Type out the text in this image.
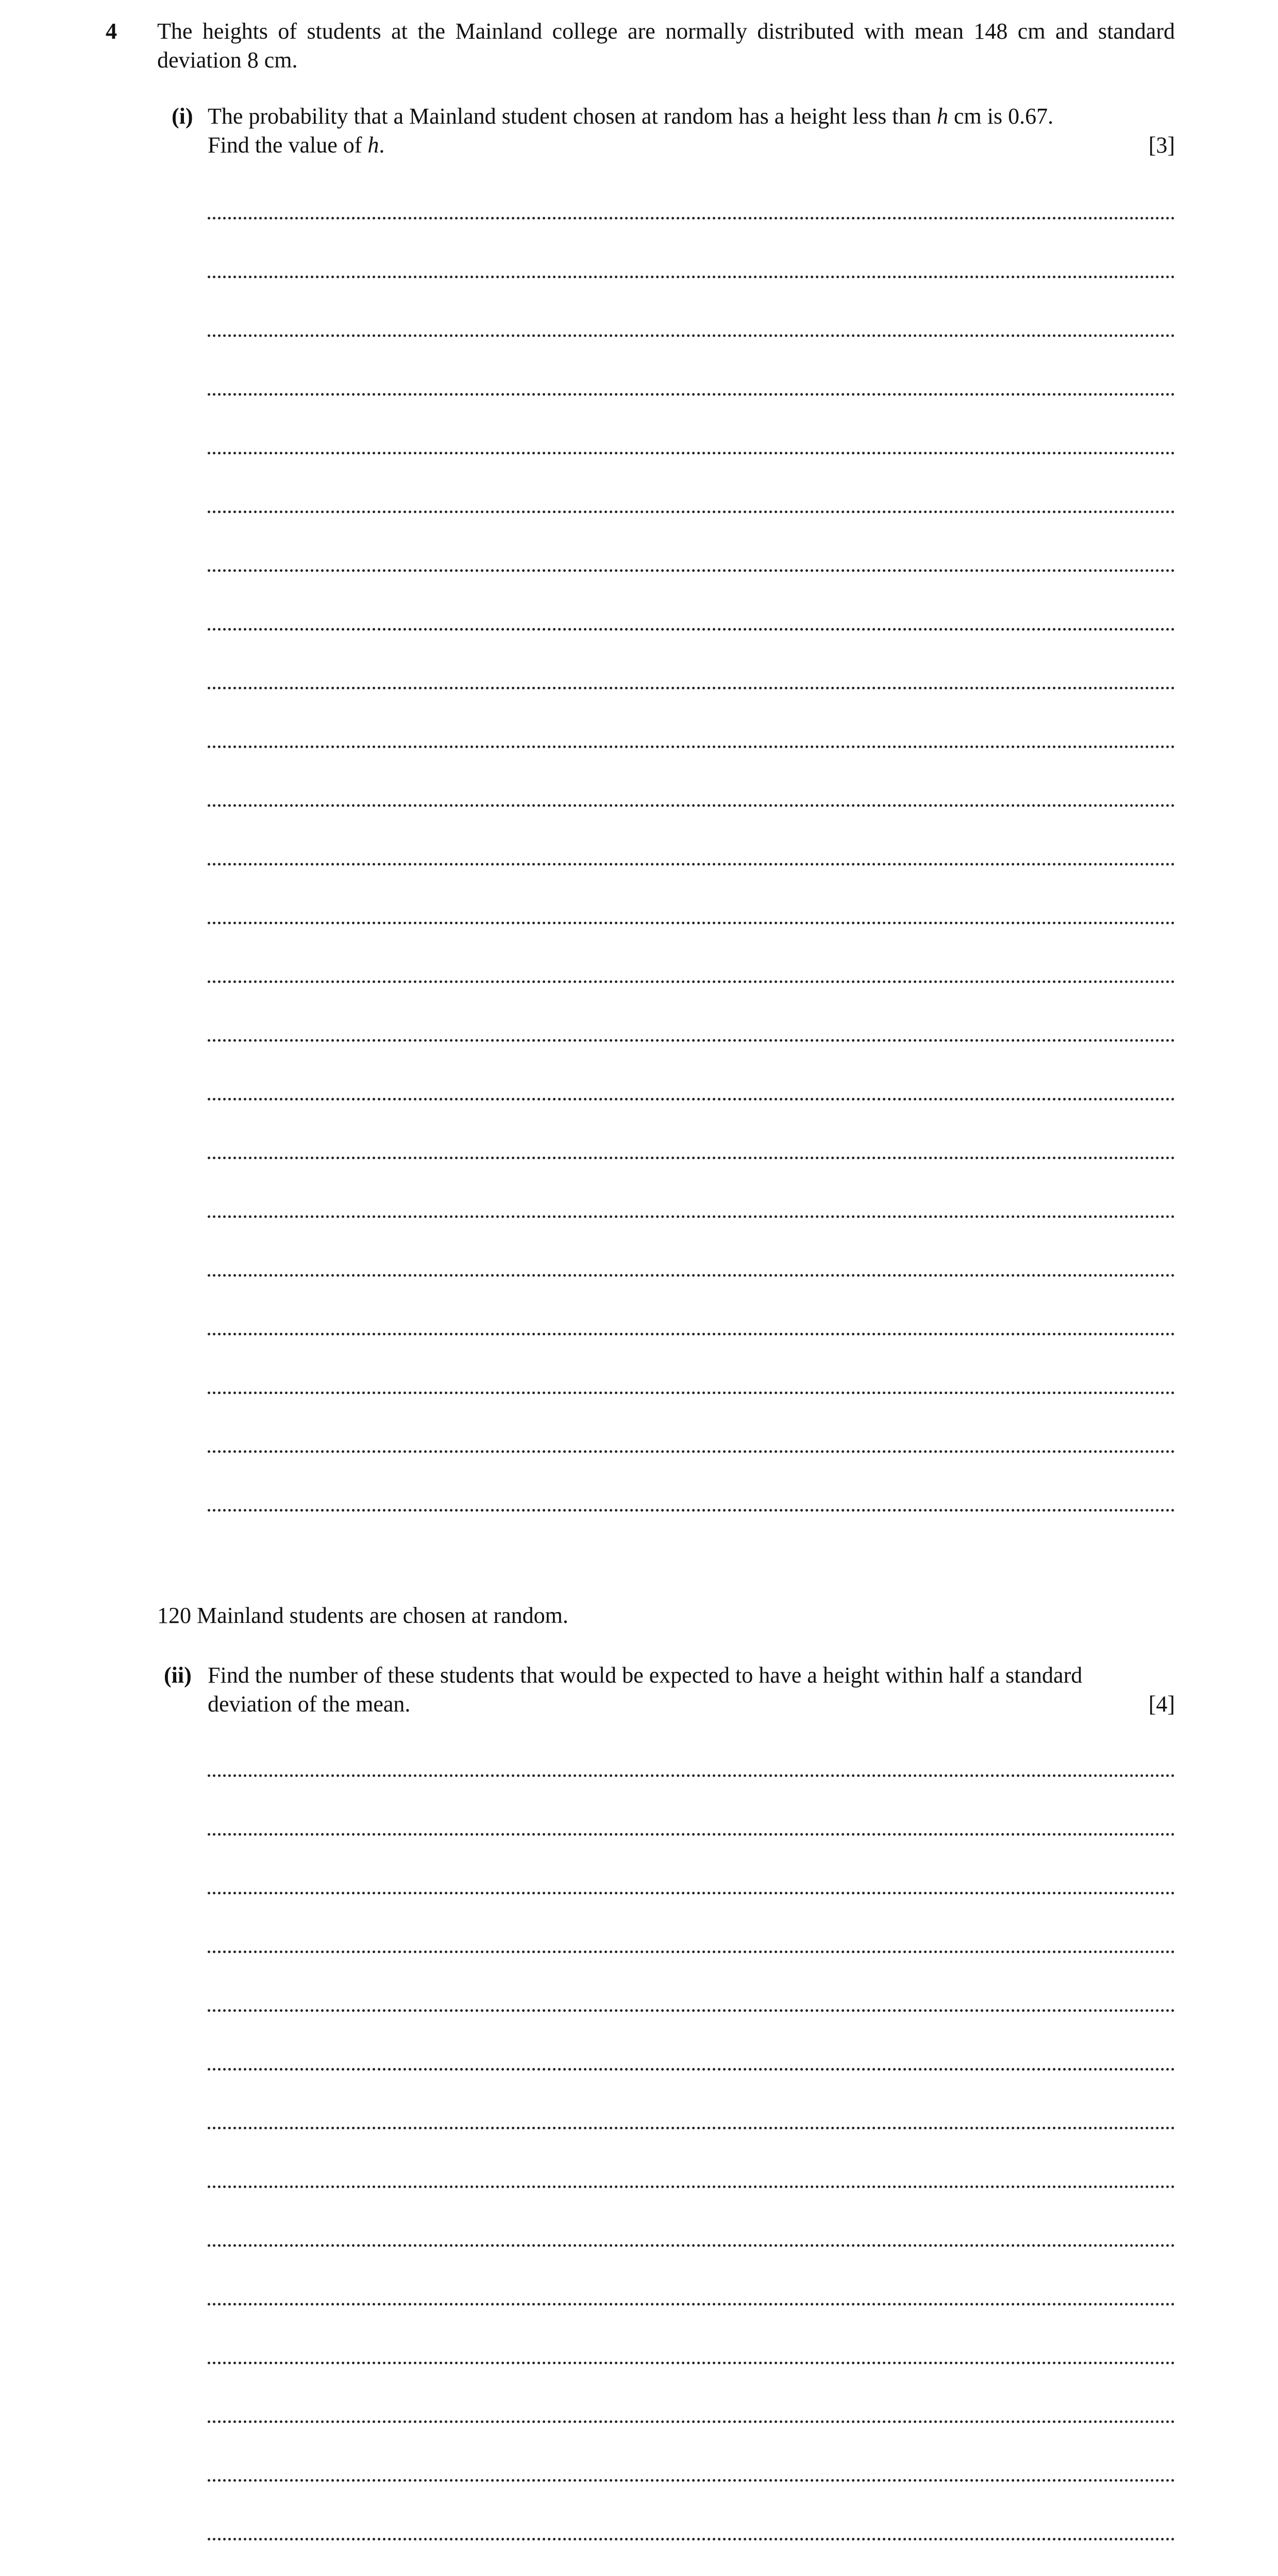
4 The heights of students at the Mainland college are normally distributed with mean 148 cm and standard deviation 8 cm.
(i) The probability that a Mainland student chosen at random has a height less than h cm is 0.67.
Find the value of h.	[3]
120 Mainland students are chosen at random.
(ii) Find the number of these students that would be expected to have a height within half a standard
deviation of the mean.	[4]
